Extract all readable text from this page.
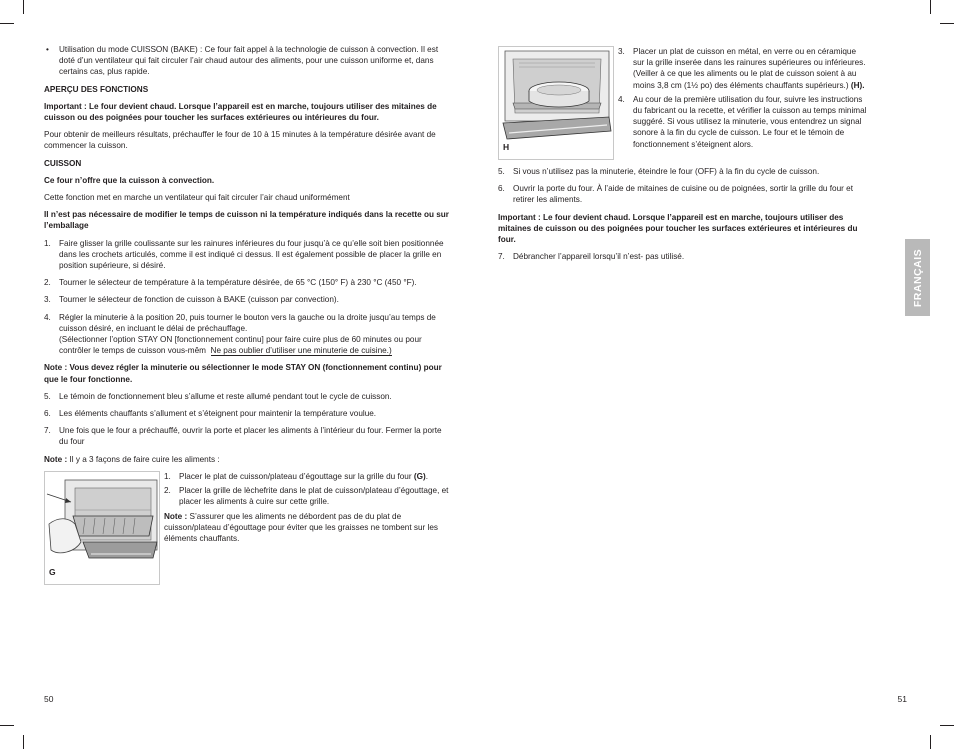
• Utilisation du mode CUISSON (BAKE) : Ce four fait appel à la technologie de cuisson à convection. Il est doté d’un ventilateur qui fait circuler l’air chaud autour des aliments, pour une cuisson uniforme et, dans certains cas, plus rapide.

APERÇU DES FONCTIONS

Important : Le four devient chaud. Lorsque l’appareil est en marche, toujours utiliser des mitaines de cuisson ou des poignées pour toucher les surfaces extérieures ou intérieures du four.

Pour obtenir de meilleurs résultats, préchauffer le four de 10 à 15 minutes à la température désirée avant de commencer la cuisson.

CUISSON

Ce four n’offre que la cuisson à convection.

Cette fonction met en marche un ventilateur qui fait circuler l’air chaud uniformément

Il n’est pas nécessaire de modifier le temps de cuisson ni la température indiqués dans la recette ou sur l’emballage

1. Faire glisser la grille coulissante sur les rainures inférieures du four jusqu’à ce qu’elle soit bien positionnée dans les crochets articulés, comme il est indiqué ci dessus. Il est également possible de placer la grille en position supérieure, si désiré.
2. Tourner le sélecteur de température à la température désirée, de 65 °C (150° F) à 230 °C (450 °F).
3. Tourner le sélecteur de fonction de cuisson à BAKE (cuisson par convection).
4. Régler la minuterie à la position 20, puis tourner le bouton vers la gauche ou la droite jusqu’au temps de cuisson désiré, en incluant le délai de préchauffage.
(Sélectionner l’option STAY ON [fonctionnement continu] pour faire cuire plus de 60 minutes ou pour contrôler le temps de cuisson vous-mêm Ne pas oublier d’utiliser une minuterie de cuisine.)

Note : Vous devez régler la minuterie ou sélectionner le mode STAY ON (fonctionnement continu) pour que le four fonctionne.

5. Le témoin de fonctionnement bleu s’allume et reste allumé pendant tout le cycle de cuisson.
6. Les éléments chauffants s’allument et s’éteignent pour maintenir la température voulue.
7. Une fois que le four a préchauffé, ouvrir la porte et placer les aliments à l’intérieur du four. Fermer la porte du four

Note : Il y a 3 façons de faire cuire les aliments :

G
1. Placer le plat de cuisson/plateau d’égouttage sur la grille du four (G).
2. Placer la grille de lèchefrite dans le plat de cuisson/plateau d’égouttage, et placer les aliments à cuire sur cette grille.

Note : S’assurer que les aliments ne débordent pas de du plat de cuisson/plateau d’égouttage pour éviter que les graisses ne tombent sur les éléments chauffants.

50
H
3. Placer un plat de cuisson en métal, en verre ou en céramique sur la grille inserée dans les rainures supérieures ou inférieures. (Veiller à ce que les aliments ou le plat de cuisson soient à au moins 3,8 cm (1½ po) des éléments chauffants supérieurs.) (H).
4. Au cour de la première utilisation du four, suivre les instructions du fabricant ou la recette, et vérifier la cuisson au temps minimal suggéré. Si vous utilisez la minuterie, vous entendrez un signal sonore à la fin du cycle de cuisson. Le four et le témoin de fonctionnement s’éteignent alors.
5. Si vous n’utilisez pas la minuterie, éteindre le four (OFF) à la fin du cycle de cuisson.
6. Ouvrir la porte du four. À l’aide de mitaines de cuisine ou de poignées, sortir la grille du four et retirer les aliments.

Important : Le four devient chaud. Lorsque l’appareil est en marche, toujours utiliser des mitaines de cuisson ou des poignées pour toucher les surfaces extérieures et intérieures du four.

7. Débrancher l’appareil lorsqu’il n’est- pas utilisé.
51
FRANÇAIS
